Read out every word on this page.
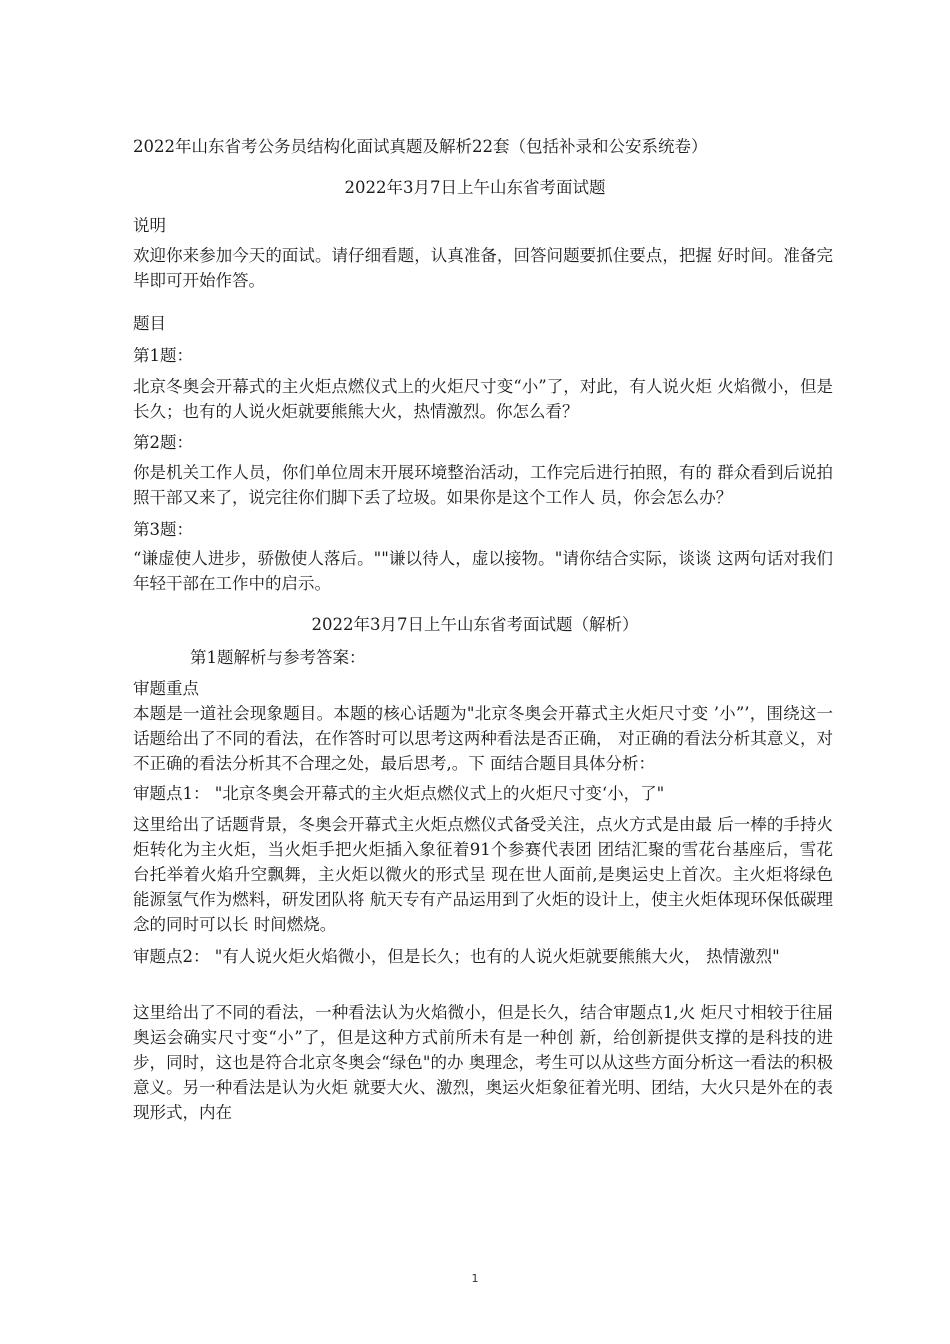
2022年山东省考公务员结构化面试真题及解析22套（包括补录和公安系统卷）
2022年3月7日上午山东省考面试题
说明
欢迎你来参加今天的面试。请仔细看题，认真准备，回答问题要抓住要点，把握 好时间。准备完毕即可开始作答。
题目
第1题：
北京冬奥会开幕式的主火炬点燃仪式上的火炬尺寸变“小”了，对此，有人说火炬 火焰微小，但是长久；也有的人说火炬就要熊熊大火，热情激烈。你怎么看？
第2题：
你是机关工作人员，你们单位周末开展环境整治活动，工作完后进行拍照，有的 群众看到后说拍照干部又来了，说完往你们脚下丢了垃圾。如果你是这个工作人 员，你会怎么办？
第3题：
“谦虚使人进步，骄傲使人落后。""谦以待人，虚以接物。"请你结合实际，谈谈 这两句话对我们年轻干部在工作中的启示。
2022年3月7日上午山东省考面试题（解析）
第1题解析与参考答案：
审题重点
本题是一道社会现象题目。本题的核心话题为"北京冬奥会开幕式主火炬尺寸变 ’小”’，围绕这一话题给出了不同的看法，在作答时可以思考这两种看法是否正确， 对正确的看法分析其意义，对不正确的看法分析其不合理之处，最后思考,。下 面结合题目具体分析：
审题点1： "北京冬奥会开幕式的主火炬点燃仪式上的火炬尺寸变‘小，了"
这里给出了话题背景，冬奥会开幕式主火炬点燃仪式备受关注，点火方式是由最 后一棒的手持火炬转化为主火炬，当火炬手把火炬插入象征着91个参赛代表团 团结汇聚的雪花台基座后，雪花台托举着火焰升空飘舞，主火炬以微火的形式呈 现在世人面前,是奥运史上首次。主火炬将绿色能源氢气作为燃料，研发团队将 航天专有产品运用到了火炬的设计上，使主火炬体现环保低碳理念的同时可以长 时间燃烧。
审题点2： "有人说火炬火焰微小，但是长久；也有的人说火炬就要熊熊大火， 热情激烈"
这里给出了不同的看法，一种看法认为火焰微小，但是长久，结合审题点1,火 炬尺寸相较于往届奥运会确实尺寸变“小”了，但是这种方式前所未有是一种创 新，给创新提供支撑的是科技的进步，同时，这也是符合北京冬奥会“绿色"的办 奥理念，考生可以从这些方面分析这一看法的积极意义。另一种看法是认为火炬 就要大火、激烈，奥运火炬象征着光明、团结，大火只是外在的表现形式，内在
1
